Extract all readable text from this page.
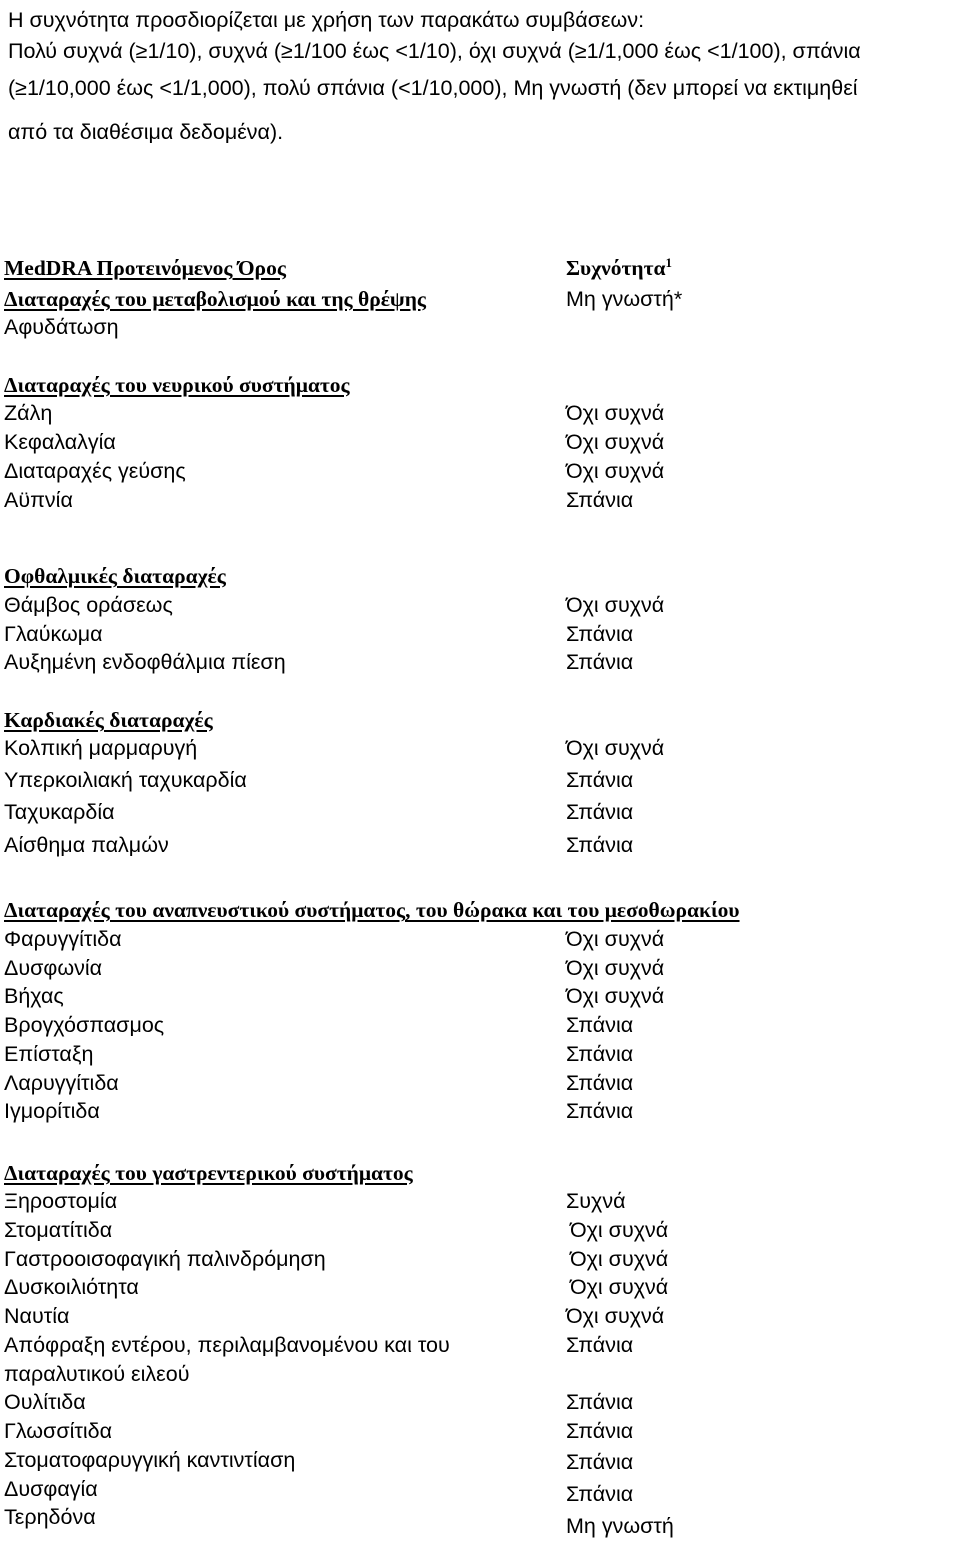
Η συχνότητα προσδιορίζεται με χρήση των παρακάτω συμβάσεων:
Πολύ συχνά (≥1/10), συχνά (≥1/100 έως <1/10), όχι συχνά (≥1/1,000 έως <1/100), σπάνια
(≥1/10,000 έως <1/1,000), πολύ σπάνια (<1/10,000), Μη γνωστή (δεν μπορεί να εκτιμηθεί
από τα διαθέσιμα δεδομένα).
MedDRA Προτεινόμενος Όρος	Συχνότητα$^1$
Διαταραχές του μεταβολισμού και της θρέψης	Μη γνωστή*
Αφυδάτωση
Διαταραχές του νευρικού συστήματος
Ζάλη	Όχι συχνά
Κεφαλαλγία	Όχι συχνά
Διαταραχές γεύσης	Όχι συχνά
Αϋπνία	Σπάνια
Οφθαλμικές διαταραχές
Θάμβος οράσεως	Όχι συχνά
Γλαύκωμα	Σπάνια
Αυξημένη ενδοφθάλμια πίεση	Σπάνια
Καρδιακές διαταραχές
Κολπική μαρμαρυγή	Όχι συχνά
Υπερκοιλιακή ταχυκαρδία	Σπάνια
Ταχυκαρδία	Σπάνια
Αίσθημα παλμών	Σπάνια
Διαταραχές του αναπνευστικού συστήματος, του θώρακα και του μεσοθωρακίου
Φαρυγγίτιδα	Όχι συχνά
Δυσφωνία	Όχι συχνά
Βήχας	Όχι συχνά
Βρογχόσπασμος	Σπάνια
Επίσταξη	Σπάνια
Λαρυγγίτιδα	Σπάνια
Ιγμορίτιδα	Σπάνια
Διαταραχές του γαστρεντερικού συστήματος
Ξηροστομία	Συχνά
Στοματίτιδα	Όχι συχνά
Γαστροοισοφαγική παλινδρόμηση	Όχι συχνά
Δυσκοιλιότητα	Όχι συχνά
Ναυτία	Όχι συχνά
Απόφραξη εντέρου, περιλαμβανομένου και του	Σπάνια
παραλυτικού ειλεού
Ουλίτιδα	Σπάνια
Γλωσσίτιδα	Σπάνια
Στοματοφαρυγγική καντιντίαση	Σπάνια
Δυσφαγία	Σπάνια
Τερηδόνα	Μη γνωστή
